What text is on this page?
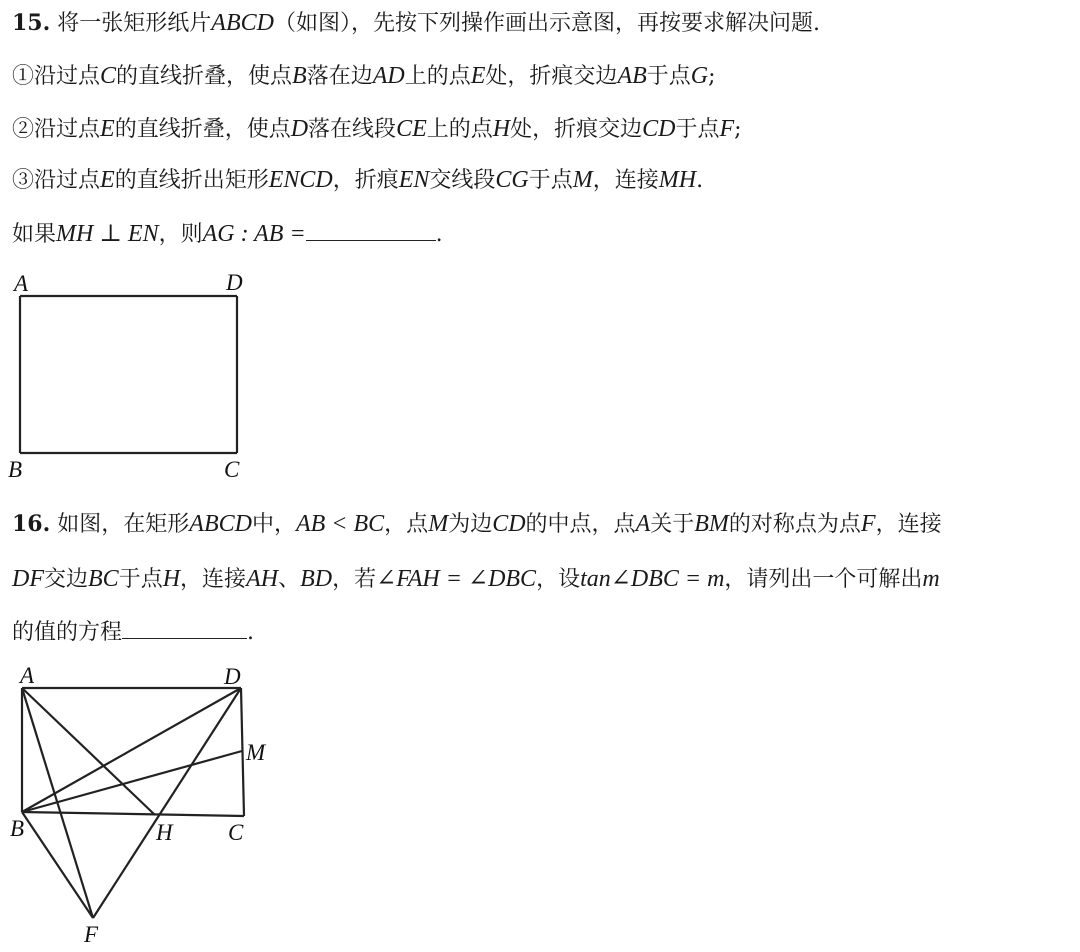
15. 将一张矩形纸片ABCD（如图），先按下列操作画出示意图，再按要求解决问题.
①沿过点C的直线折叠，使点B落在边AD上的点E处，折痕交边AB于点G;
②沿过点E的直线折叠，使点D落在线段CE上的点H处，折痕交边CD于点F;
③沿过点E的直线折出矩形ENCD，折痕EN交线段CG于点M，连接MH.
如果MH ⊥ EN，则AG : AB =	.
16. 如图，在矩形ABCD中，AB < BC，点M为边CD的中点，点A关于BM的对称点为点F，连接
DF交边BC于点H，连接AH、BD，若∠FAH = ∠DBC，设tan∠DBC = m，请列出一个可解出m
的值的方程	.
A	D
B	C
A	D
M
B	H C
F
